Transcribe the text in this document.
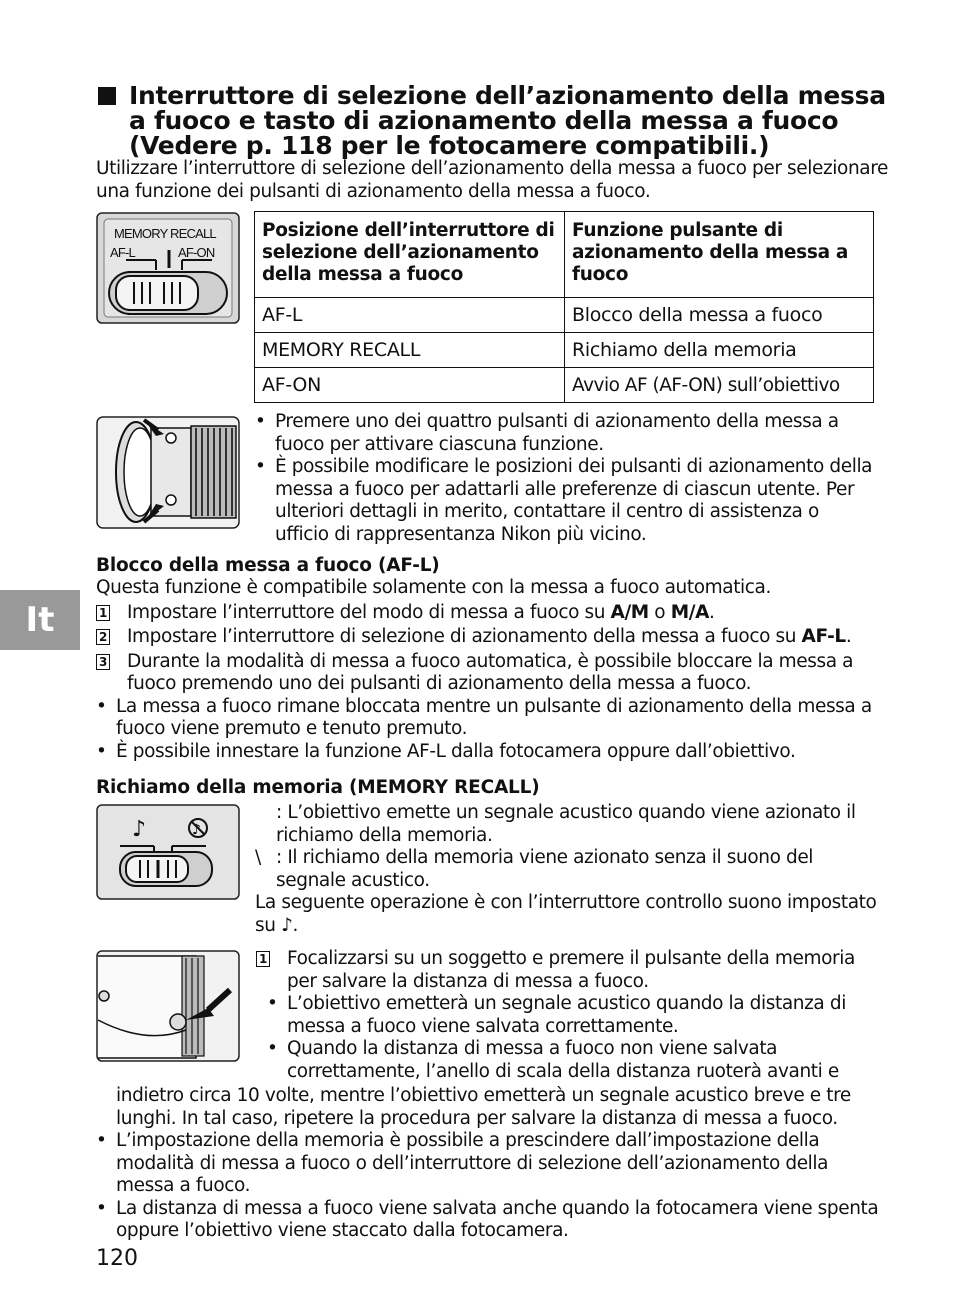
Interruttore di selezione dell’azionamento della messa
a fuoco e tasto di azionamento della messa a fuoco
(Vedere p. 118 per le fotocamere compatibili.)
Utilizzare l’interruttore di selezione dell’azionamento della messa a fuoco per selezionare
una funzione dei pulsanti di azionamento della messa a fuoco.
MEMORY RECALL
AF-L	AF-ON
Posizione dell’interruttore di selezione dell’azionamento della messa a fuoco	Funzione pulsante di azionamento della messa a fuoco
AF-L	Blocco della messa a fuoco
MEMORY RECALL	Richiamo della memoria
AF-ON	Avvio AF (AF-ON) sull’obiettivo
• Premere uno dei quattro pulsanti di azionamento della messa a fuoco per attivare ciascuna funzione.
• È possibile modificare le posizioni dei pulsanti di azionamento della messa a fuoco per adattarli alle preferenze di ciascun utente. Per ulteriori dettagli in merito, contattare il centro di assistenza o ufficio di rappresentanza Nikon più vicino.
Blocco della messa a fuoco (AF-L)
Questa funzione è compatibile solamente con la messa a fuoco automatica.
1 Impostare l’interruttore del modo di messa a fuoco su A/M o M/A.
2 Impostare l’interruttore di selezione di azionamento della messa a fuoco su AF-L.
3 Durante la modalità di messa a fuoco automatica, è possibile bloccare la messa a fuoco premendo uno dei pulsanti di azionamento della messa a fuoco.
• La messa a fuoco rimane bloccata mentre un pulsante di azionamento della messa a fuoco viene premuto e tenuto premuto.
• È possibile innestare la funzione AF-L dalla fotocamera oppure dall’obiettivo.
Richiamo della memoria (MEMORY RECALL)
♪	♪
: L’obiettivo emette un segnale acustico quando viene azionato il richiamo della memoria.
\ : Il richiamo della memoria viene azionato senza il suono del segnale acustico.
La seguente operazione è con l’interruttore controllo suono impostato su ♪.
1 Focalizzarsi su un soggetto e premere il pulsante della memoria per salvare la distanza di messa a fuoco.
• L’obiettivo emetterà un segnale acustico quando la distanza di messa a fuoco viene salvata correttamente.
• Quando la distanza di messa a fuoco non viene salvata correttamente, l’anello di scala della distanza ruoterà avanti e
indietro circa 10 volte, mentre l’obiettivo emetterà un segnale acustico breve e tre
lunghi. In tal caso, ripetere la procedura per salvare la distanza di messa a fuoco.
• L’impostazione della memoria è possibile a prescindere dall’impostazione della modalità di messa a fuoco o dell’interruttore di selezione dell’azionamento della messa a fuoco.
• La distanza di messa a fuoco viene salvata anche quando la fotocamera viene spenta oppure l’obiettivo viene staccato dalla fotocamera.
It
120
